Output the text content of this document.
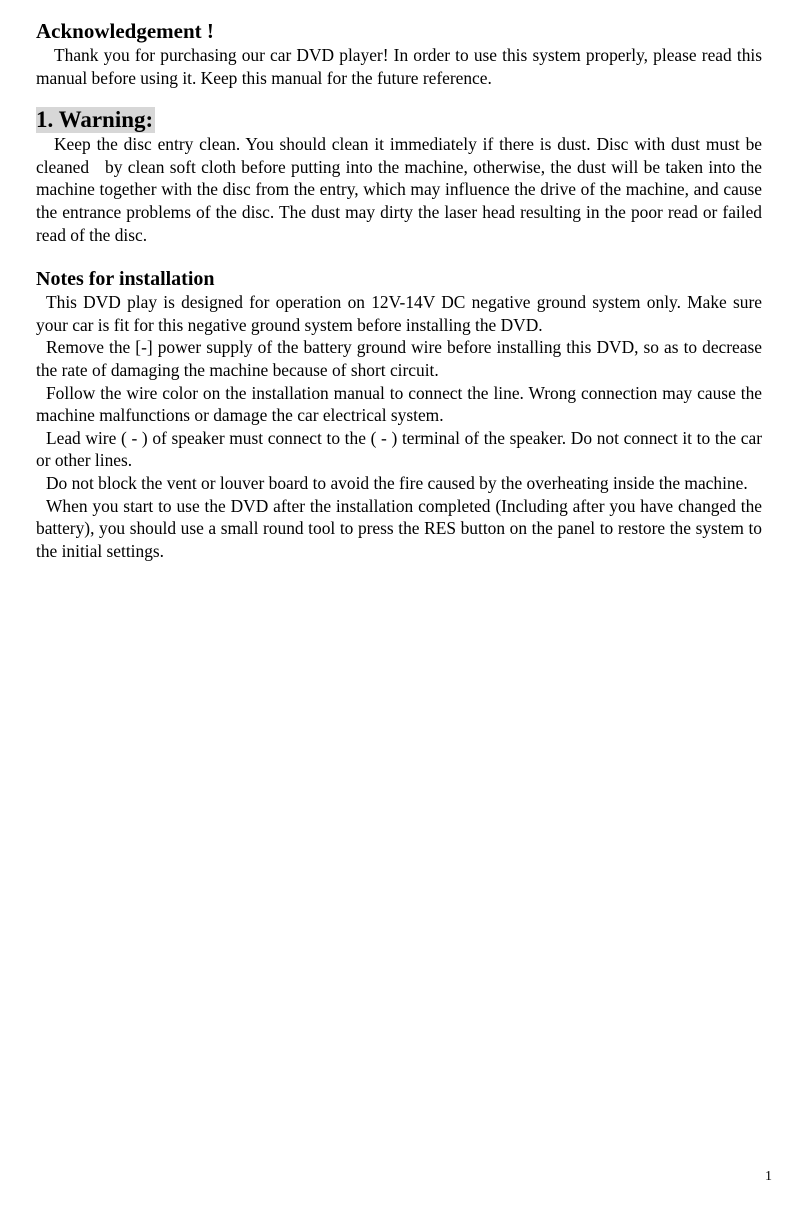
Acknowledgement !

Thank you for purchasing our car DVD player! In order to use this system properly, please read this manual before using it. Keep this manual for the future reference.

1. Warning:

Keep the disc entry clean. You should clean it immediately if there is dust. Disc with dust must be cleaned   by clean soft cloth before putting into the machine, otherwise, the dust will be taken into the machine together with the disc from the entry, which may influence the drive of the machine, and cause the entrance problems of the disc. The dust may dirty the laser head resulting in the poor read or failed read of the disc.

Notes for installation

This DVD play is designed for operation on 12V-14V DC negative ground system only. Make sure your car is fit for this negative ground system before installing the DVD.

Remove the [-] power supply of the battery ground wire before installing this DVD, so as to decrease the rate of damaging the machine because of short circuit.

Follow the wire color on the installation manual to connect the line. Wrong connection may cause the machine malfunctions or damage the car electrical system.

Lead wire ( - ) of speaker must connect to the ( - ) terminal of the speaker. Do not connect it to the car or other lines.

Do not block the vent or louver board to avoid the fire caused by the overheating inside the machine.

When you start to use the DVD after the installation completed (Including after you have changed the battery), you should use a small round tool to press the RES button on the panel to restore the system to the initial settings.

1
